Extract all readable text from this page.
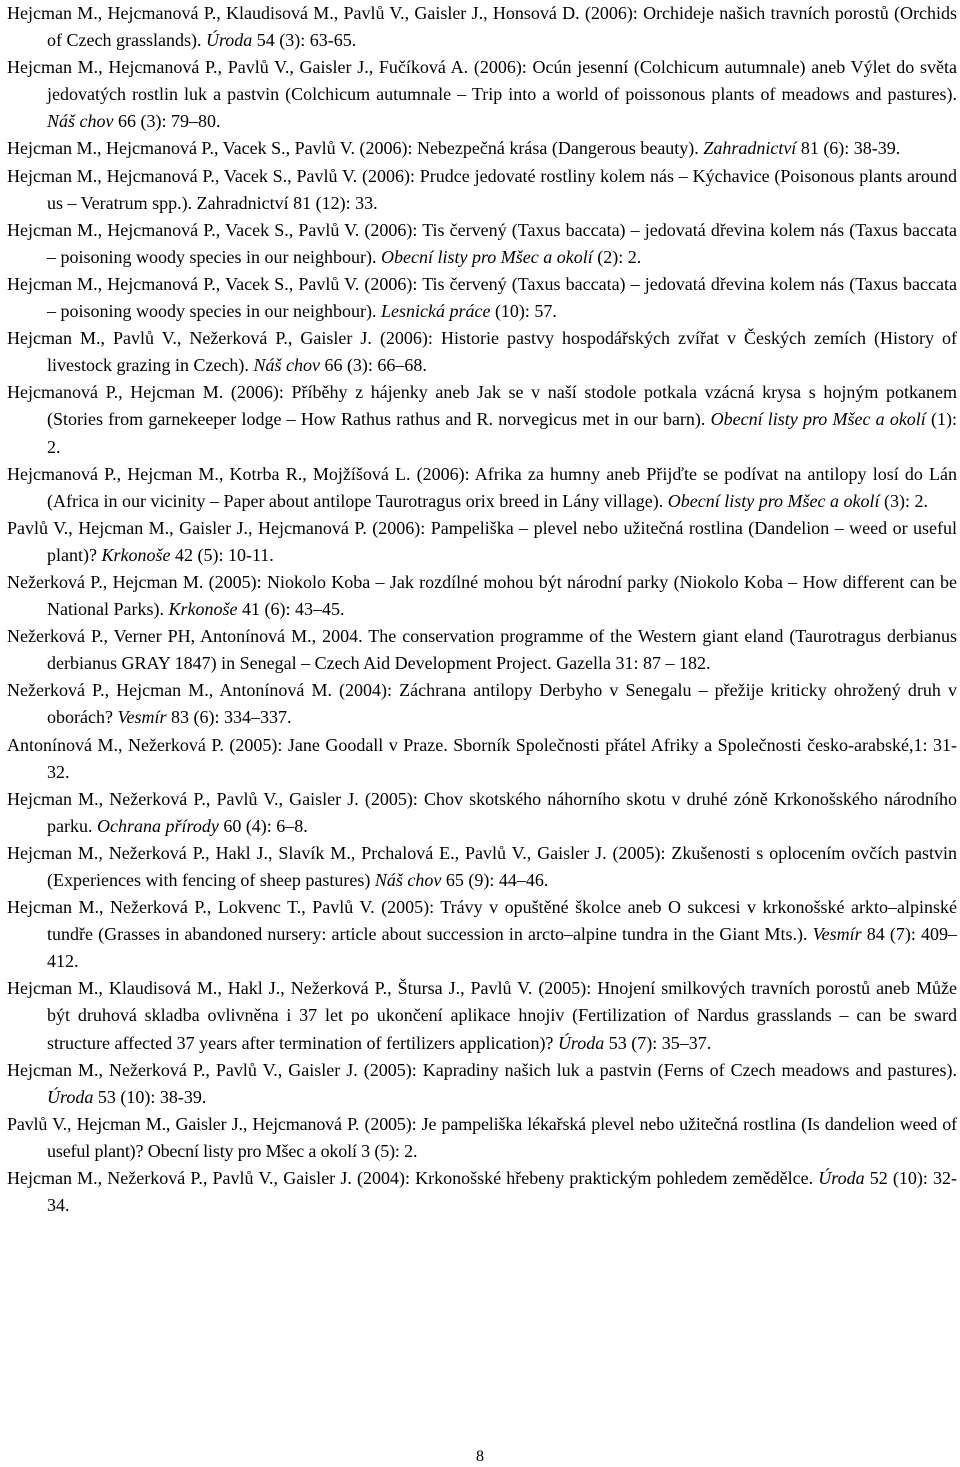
Hejcman M., Hejcmanová P., Klaudisová M., Pavlů V., Gaisler J., Honsová D. (2006): Orchideje našich travních porostů (Orchids of Czech grasslands). Úroda 54 (3): 63-65.

Hejcman M., Hejcmanová P., Pavlů V., Gaisler J., Fučíková A. (2006): Ocún jesenní (Colchicum autumnale) aneb Výlet do světa jedovatých rostlin luk a pastvin (Colchicum autumnale – Trip into a world of poissonous plants of meadows and pastures). Náš chov 66 (3): 79–80.

Hejcman M., Hejcmanová P., Vacek S., Pavlů V. (2006): Nebezpečná krása (Dangerous beauty). Zahradnictví 81 (6): 38-39.

Hejcman M., Hejcmanová P., Vacek S., Pavlů V. (2006): Prudce jedovaté rostliny kolem nás – Kýchavice (Poisonous plants around us – Veratrum spp.). Zahradnictví 81 (12): 33.

Hejcman M., Hejcmanová P., Vacek S., Pavlů V. (2006): Tis červený (Taxus baccata) – jedovatá dřevina kolem nás (Taxus baccata – poisoning woody species in our neighbour). Obecní listy pro Mšec a okolí (2): 2.

Hejcman M., Hejcmanová P., Vacek S., Pavlů V. (2006): Tis červený (Taxus baccata) – jedovatá dřevina kolem nás (Taxus baccata – poisoning woody species in our neighbour). Lesnická práce (10): 57.

Hejcman M., Pavlů V., Nežerková P., Gaisler J. (2006): Historie pastvy hospodářských zvířat v Českých zemích (History of livestock grazing in Czech). Náš chov 66 (3): 66–68.

Hejcmanová P., Hejcman M. (2006): Příběhy z hájenky aneb Jak se v naší stodole potkala vzácná krysa s hojným potkanem (Stories from garnekeeper lodge – How Rathus rathus and R. norvegicus met in our barn). Obecní listy pro Mšec a okolí (1): 2.

Hejcmanová P., Hejcman M., Kotrba R., Mojžíšová L. (2006): Afrika za humny aneb Přijďte se podívat na antilopy losí do Lán (Africa in our vicinity – Paper about antilope Taurotragus orix breed in Lány village). Obecní listy pro Mšec a okolí (3): 2.

Pavlů V., Hejcman M., Gaisler J., Hejcmanová P. (2006): Pampeliška – plevel nebo užitečná rostlina (Dandelion – weed or useful plant)? Krkonoše 42 (5): 10-11.

Nežerková P., Hejcman M. (2005): Niokolo Koba – Jak rozdílné mohou být národní parky (Niokolo Koba – How different can be National Parks). Krkonoše 41 (6): 43–45.

Nežerková P., Verner PH, Antonínová M., 2004. The conservation programme of the Western giant eland (Taurotragus derbianus derbianus GRAY 1847) in Senegal – Czech Aid Development Project. Gazella 31: 87 – 182.

Nežerková P., Hejcman M., Antonínová M. (2004): Záchrana antilopy Derbyho v Senegalu – přežije kriticky ohrožený druh v oborách? Vesmír 83 (6): 334–337.

Antonínová M., Nežerková P. (2005): Jane Goodall v Praze. Sborník Společnosti přátel Afriky a Společnosti česko-arabské,1: 31-32.

Hejcman M., Nežerková P., Pavlů V., Gaisler J. (2005): Chov skotského náhorního skotu v druhé zóně Krkonošského národního parku. Ochrana přírody 60 (4): 6–8.

Hejcman M., Nežerková P., Hakl J., Slavík M., Prchalová E., Pavlů V., Gaisler J. (2005): Zkušenosti s oplocením ovčích pastvin (Experiences with fencing of sheep pastures) Náš chov 65 (9): 44–46.

Hejcman M., Nežerková P., Lokvenc T., Pavlů V. (2005): Trávy v opuštěné školce aneb O sukcesi v krkonošské arkto–alpinské tundře (Grasses in abandoned nursery: article about succession in arcto–alpine tundra in the Giant Mts.). Vesmír 84 (7): 409–412.

Hejcman M., Klaudisová M., Hakl J., Nežerková P., Štursa J., Pavlů V. (2005): Hnojení smilkových travních porostů aneb Může být druhová skladba ovlivněna i 37 let po ukončení aplikace hnojiv (Fertilization of Nardus grasslands – can be sward structure affected 37 years after termination of fertilizers application)? Úroda 53 (7): 35–37.

Hejcman M., Nežerková P., Pavlů V., Gaisler J. (2005): Kapradiny našich luk a pastvin (Ferns of Czech meadows and pastures). Úroda 53 (10): 38-39.

Pavlů V., Hejcman M., Gaisler J., Hejcmanová P. (2005): Je pampeliška lékařská plevel nebo užitečná rostlina (Is dandelion weed of useful plant)? Obecní listy pro Mšec a okolí 3 (5): 2.

Hejcman M., Nežerková P., Pavlů V., Gaisler J. (2004): Krkonošské hřebeny praktickým pohledem zemědělce. Úroda 52 (10): 32-34.

8
